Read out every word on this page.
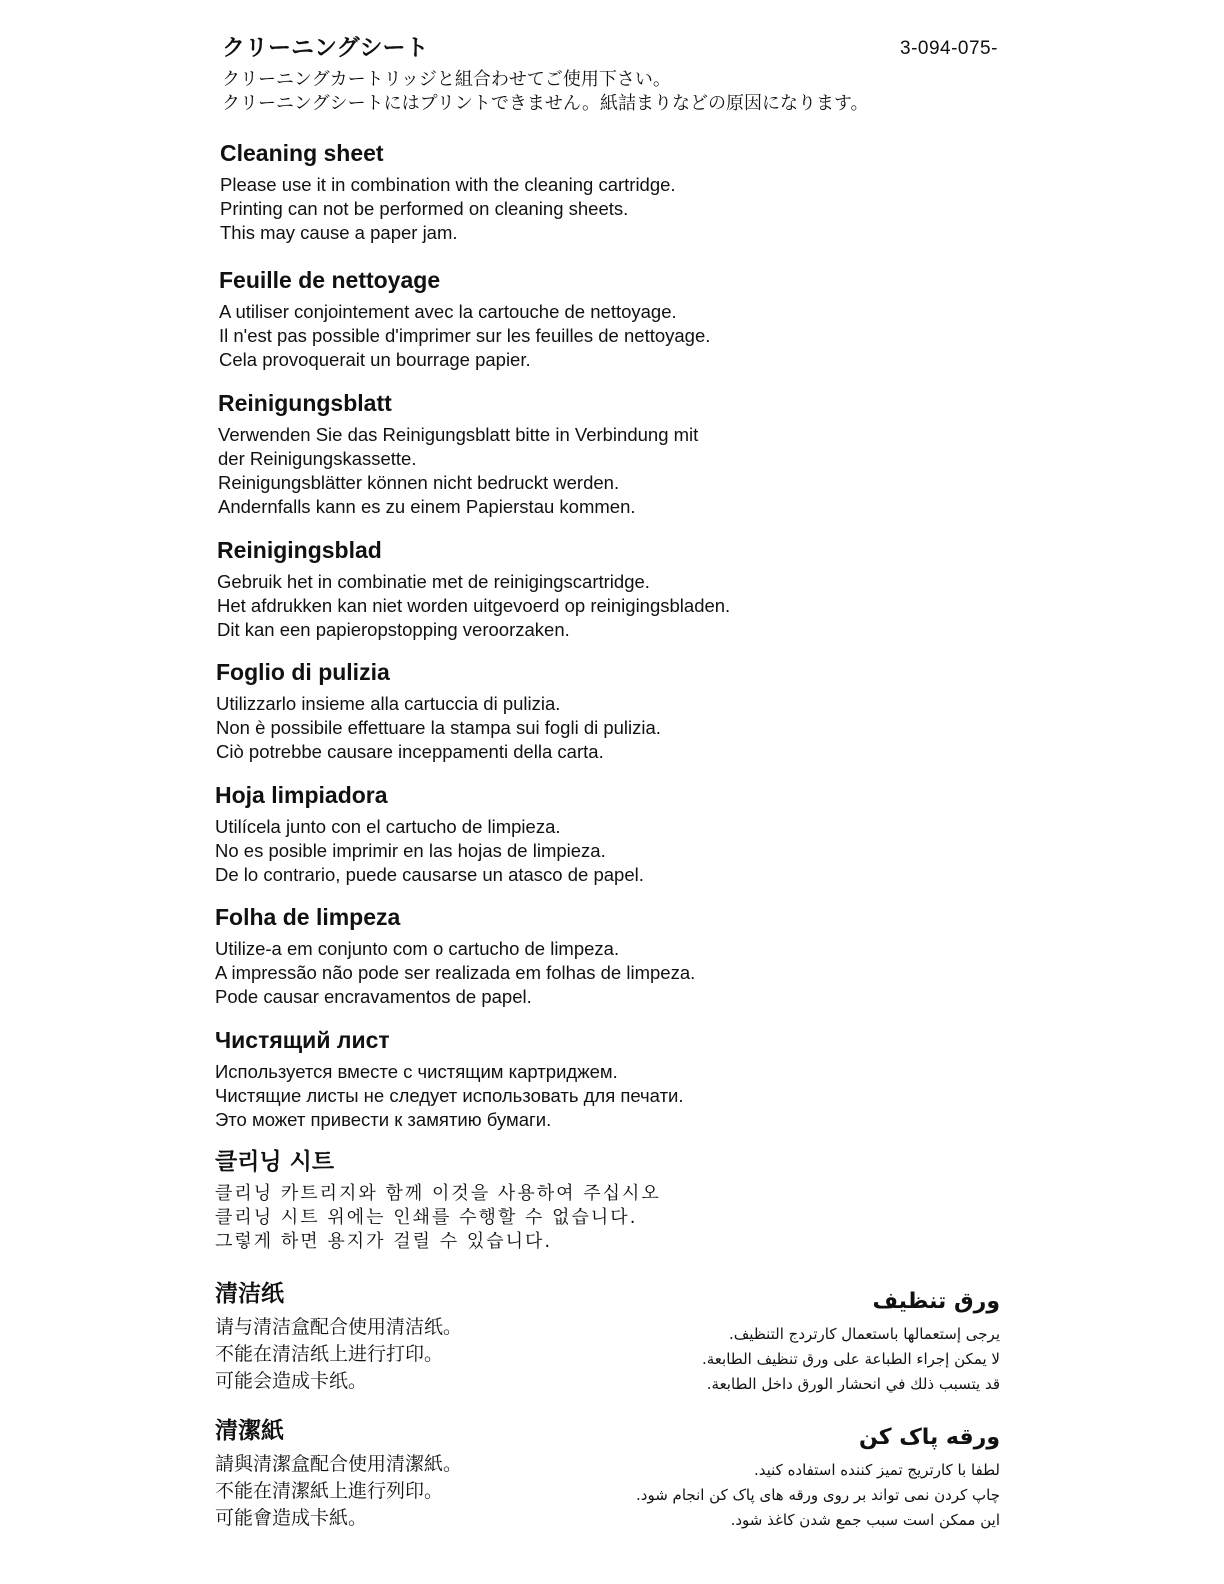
3-094-075-
クリーニングシート

クリーニングカートリッジと組合わせてご使用下さい。

クリーニングシートにはプリントできません。紙詰まりなどの原因になります。

Cleaning sheet

Please use it in combination with the cleaning cartridge.

Printing can not be performed on cleaning sheets.

This may cause a paper jam.

Feuille de nettoyage

A utiliser conjointement avec la cartouche de nettoyage.

Il n'est pas possible d'imprimer sur les feuilles de nettoyage.

Cela provoquerait un bourrage papier.

Reinigungsblatt

Verwenden Sie das Reinigungsblatt bitte in Verbindung mit

der Reinigungskassette.

Reinigungsblätter können nicht bedruckt werden.

Andernfalls kann es zu einem Papierstau kommen.

Reinigingsblad

Gebruik het in combinatie met de reinigingscartridge.

Het afdrukken kan niet worden uitgevoerd op reinigingsbladen.

Dit kan een papieropstopping veroorzaken.

Foglio di pulizia

Utilizzarlo insieme alla cartuccia di pulizia.

Non è possibile effettuare la stampa sui fogli di pulizia.

Ciò potrebbe causare inceppamenti della carta.

Hoja limpiadora

Utilícela junto con el cartucho de limpieza.

No es posible imprimir en las hojas de limpieza.

De lo contrario, puede causarse un atasco de papel.

Folha de limpeza

Utilize-a em conjunto com o cartucho de limpeza.

A impressão não pode ser realizada em folhas de limpeza.

Pode causar encravamentos de papel.

Чистящий лист

Используется вместе с чистящим картриджем.

Чистящие листы не следует использовать для печати.

Это может привести к замятию бумаги.

클리닝 시트

클리닝 카트리지와 함께 이것을 사용하여 주십시오

클리닝 시트 위에는 인쇄를 수행할 수 없습니다.

그렇게 하면 용지가 걸릴 수 있습니다.

清洁纸

请与清洁盒配合使用清洁纸。

不能在清洁纸上进行打印。

可能会造成卡纸。

清潔紙

請與清潔盒配合使用清潔紙。

不能在清潔紙上進行列印。

可能會造成卡紙。

ورق تنظيف

يرجى إستعمالها باستعمال كارتردج التنظيف.

لا يمكن إجراء الطباعة على ورق تنظيف الطابعة.

قد يتسبب ذلك في انحشار الورق داخل الطابعة.

ورقه پاک کن

لطفا با کارتریج تمیز کننده استفاده کنید.

چاپ کردن نمی تواند بر روی ورقه های پاک کن انجام شود.

این ممکن است سبب جمع شدن کاغذ شود.
